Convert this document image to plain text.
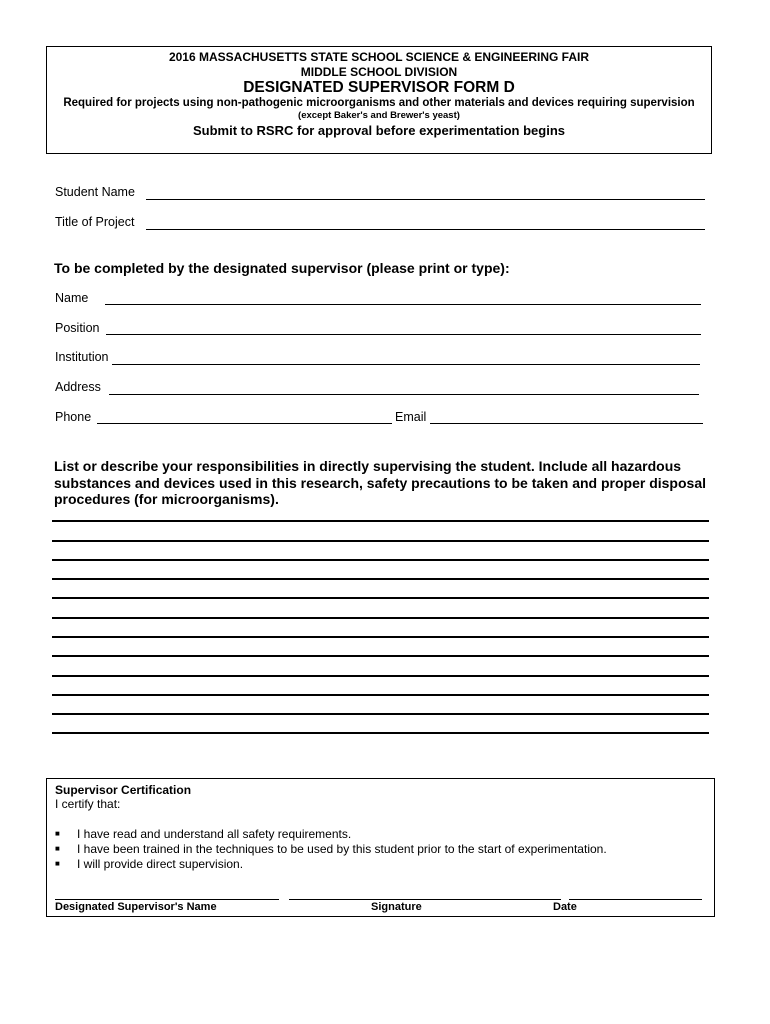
2016 MASSACHUSETTS STATE SCHOOL SCIENCE & ENGINEERING FAIR
MIDDLE SCHOOL DIVISION
DESIGNATED SUPERVISOR FORM D
Required for projects using non-pathogenic microorganisms and other materials and devices requiring supervision
(except Baker's and Brewer's yeast)
Submit to RSRC for approval before experimentation begins
Student Name
Title of Project
To be completed by the designated supervisor (please print or type):
Name
Position
Institution
Address
Phone	Email
List or describe your responsibilities in directly supervising the student. Include all hazardous substances and devices used in this research, safety precautions to be taken and proper disposal procedures (for microorganisms).
Supervisor Certification
I certify that:
■ I have read and understand all safety requirements.
■ I have been trained in the techniques to be used by this student prior to the start of experimentation.
■ I will provide direct supervision.
Designated Supervisor's Name	Signature	Date
